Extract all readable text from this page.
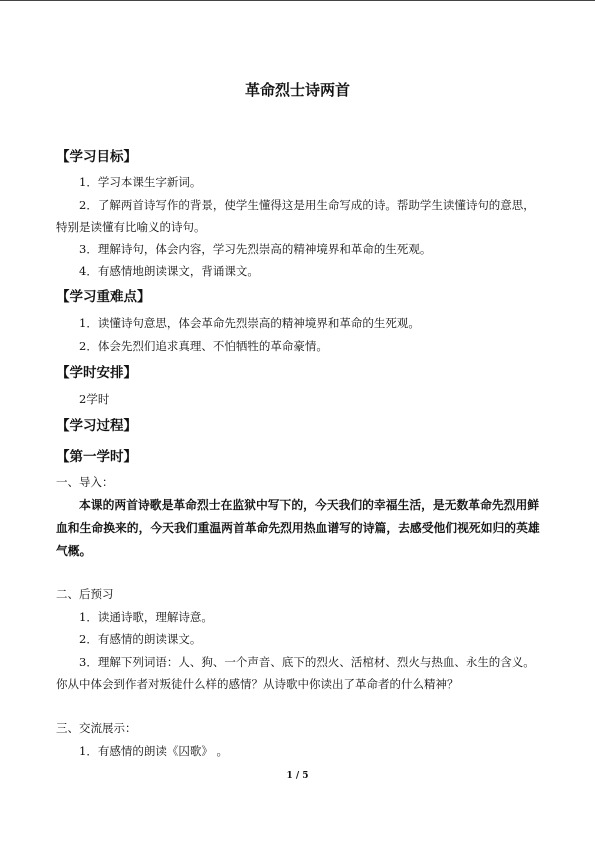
革命烈士诗两首
【学习目标】
1．学习本课生字新词。
2．了解两首诗写作的背景，使学生懂得这是用生命写成的诗。帮助学生读懂诗句的意思，特别是读懂有比喻义的诗句。
3．理解诗句，体会内容，学习先烈崇高的精神境界和革命的生死观。
4．有感情地朗读课文，背诵课文。
【学习重难点】
1．读懂诗句意思，体会革命先烈崇高的精神境界和革命的生死观。
2．体会先烈们追求真理、不怕牺牲的革命豪情。
【学时安排】
2学时
【学习过程】
【第一学时】
一、导入：
本课的两首诗歌是革命烈士在监狱中写下的，今天我们的幸福生活，是无数革命先烈用鲜血和生命换来的，今天我们重温两首革命先烈用热血谱写的诗篇，去感受他们视死如归的英雄气概。
二、后预习
1．读通诗歌，理解诗意。
2．有感情的朗读课文。
3．理解下列词语：人、狗、一个声音、底下的烈火、活棺材、烈火与热血、永生的含义。你从中体会到作者对叛徒什么样的感情？从诗歌中你读出了革命者的什么精神？
三、交流展示：
1．有感情的朗读《囚歌》 。
1 / 5
